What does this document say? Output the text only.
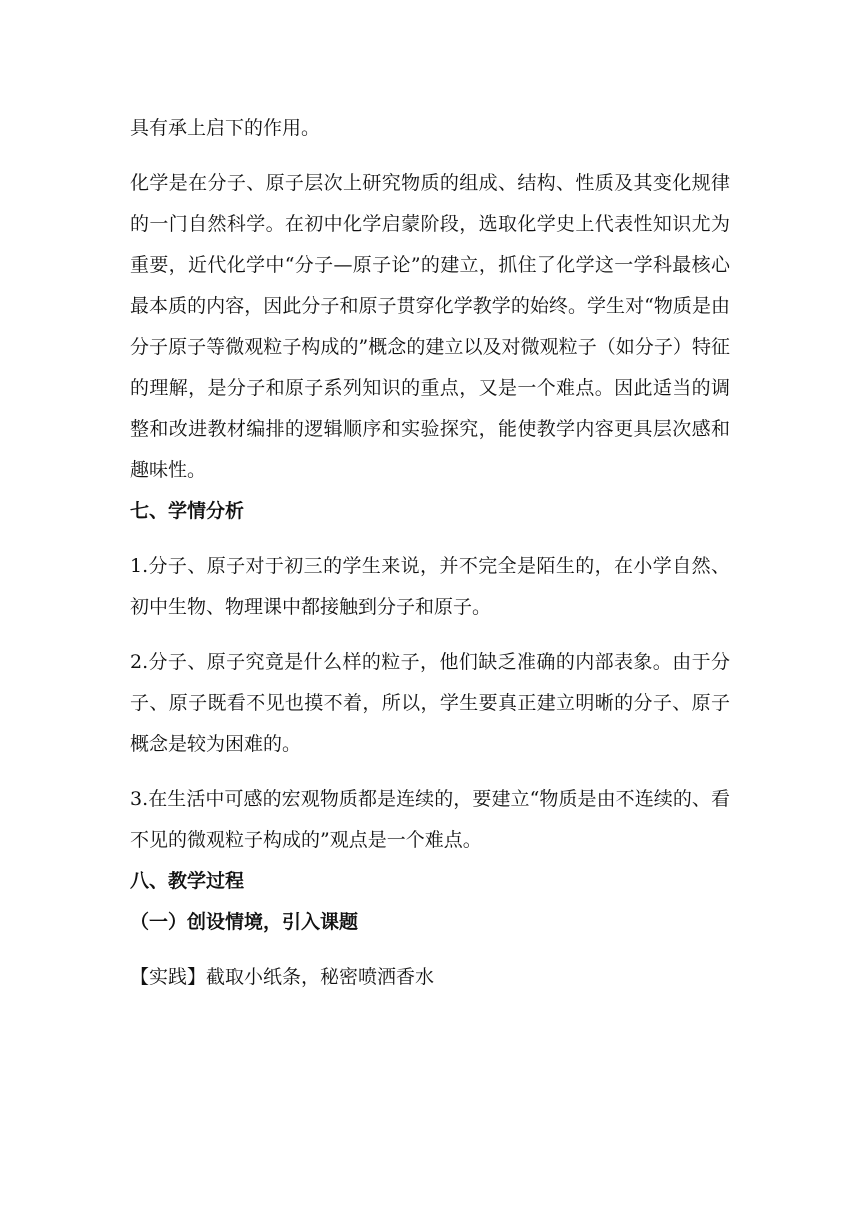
具有承上启下的作用。

化学是在分子、原子层次上研究物质的组成、结构、性质及其变化规律的一门自然科学。在初中化学启蒙阶段，选取化学史上代表性知识尤为重要，近代化学中“分子—原子论”的建立，抓住了化学这一学科最核心最本质的内容，因此分子和原子贯穿化学教学的始终。学生对“物质是由分子原子等微观粒子构成的”概念的建立以及对微观粒子（如分子）特征的理解，是分子和原子系列知识的重点，又是一个难点。因此适当的调整和改进教材编排的逻辑顺序和实验探究，能使教学内容更具层次感和趣味性。

七、学情分析

1.分子、原子对于初三的学生来说，并不完全是陌生的，在小学自然、初中生物、物理课中都接触到分子和原子。

2.分子、原子究竟是什么样的粒子，他们缺乏准确的内部表象。由于分子、原子既看不见也摸不着，所以，学生要真正建立明晰的分子、原子概念是较为困难的。

3.在生活中可感的宏观物质都是连续的，要建立“物质是由不连续的、看不见的微观粒子构成的”观点是一个难点。

八、教学过程

（一）创设情境，引入课题

【实践】截取小纸条，秘密喷洒香水
